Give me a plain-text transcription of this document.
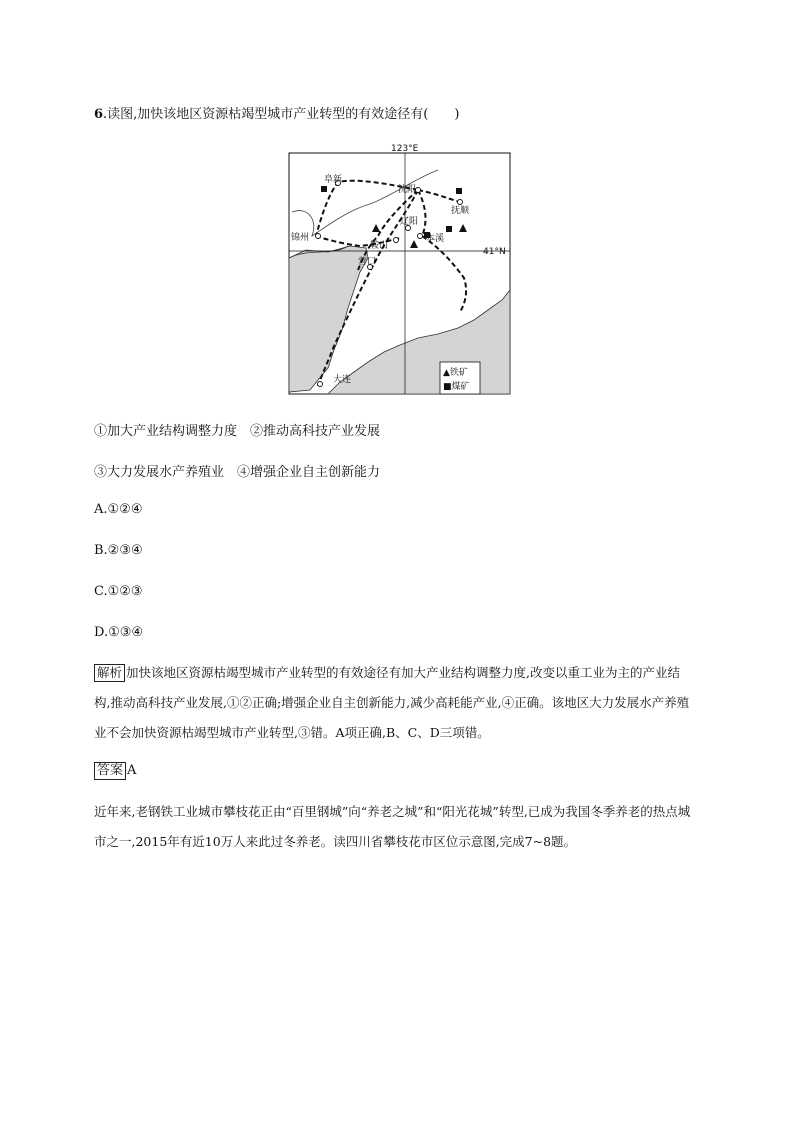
6.读图,加快该地区资源枯竭型城市产业转型的有效途径有(　　)
123°E
41°N
阜新
沈阳
抚顺
辽阳
锦州
鞍山
本溪
营口
大连
▲铁矿
■煤矿
①加大产业结构调整力度　②推动高科技产业发展
③大力发展水产养殖业　④增强企业自主创新能力
A.①②④
B.②③④
C.①②③
D.①③④
解析 加快该地区资源枯竭型城市产业转型的有效途径有加大产业结构调整力度,改变以重工业为主的产业结构,推动高科技产业发展,①②正确;增强企业自主创新能力,减少高耗能产业,④正确。该地区大力发展水产养殖业不会加快资源枯竭型城市产业转型,③错。A项正确,B、C、D三项错。
答案 A
近年来,老钢铁工业城市攀枝花正由“百里钢城”向“养老之城”和“阳光花城”转型,已成为我国冬季养老的热点城市之一,2015年有近10万人来此过冬养老。读四川省攀枝花市区位示意图,完成7~8题。
